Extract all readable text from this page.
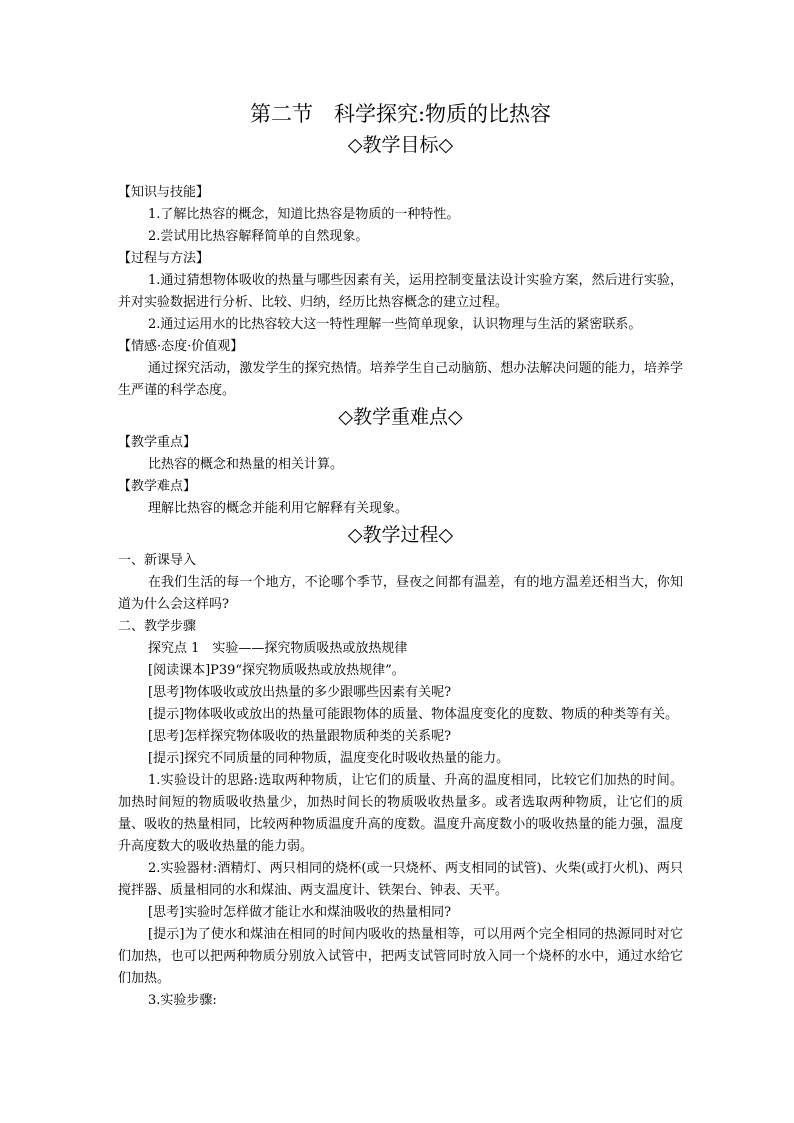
第二节　科学探究:物质的比热容
◇教学目标◇
【知识与技能】
1.了解比热容的概念，知道比热容是物质的一种特性。
2.尝试用比热容解释简单的自然现象。
【过程与方法】
1.通过猜想物体吸收的热量与哪些因素有关，运用控制变量法设计实验方案，然后进行实验，并对实验数据进行分析、比较、归纳，经历比热容概念的建立过程。
2.通过运用水的比热容较大这一特性理解一些简单现象，认识物理与生活的紧密联系。
【情感·态度·价值观】
通过探究活动，激发学生的探究热情。培养学生自己动脑筋、想办法解决问题的能力，培养学生严谨的科学态度。
◇教学重难点◇
【教学重点】
比热容的概念和热量的相关计算。
【教学难点】
理解比热容的概念并能利用它解释有关现象。
◇教学过程◇
一、新课导入
在我们生活的每一个地方，不论哪个季节，昼夜之间都有温差，有的地方温差还相当大，你知道为什么会这样吗?
二、教学步骤
探究点 1　实验——探究物质吸热或放热规律
[阅读课本]P39“探究物质吸热或放热规律”。
[思考]物体吸收或放出热量的多少跟哪些因素有关呢?
[提示]物体吸收或放出的热量可能跟物体的质量、物体温度变化的度数、物质的种类等有关。
[思考]怎样探究物体吸收的热量跟物质种类的关系呢?
[提示]探究不同质量的同种物质，温度变化时吸收热量的能力。
1.实验设计的思路:选取两种物质，让它们的质量、升高的温度相同，比较它们加热的时间。加热时间短的物质吸收热量少，加热时间长的物质吸收热量多。或者选取两种物质，让它们的质量、吸收的热量相同，比较两种物质温度升高的度数。温度升高度数小的吸收热量的能力强，温度升高度数大的吸收热量的能力弱。
2.实验器材:酒精灯、两只相同的烧杯(或一只烧杯、两支相同的试管)、火柴(或打火机)、两只搅拌器、质量相同的水和煤油、两支温度计、铁架台、钟表、天平。
[思考]实验时怎样做才能让水和煤油吸收的热量相同?
[提示]为了使水和煤油在相同的时间内吸收的热量相等，可以用两个完全相同的热源同时对它们加热，也可以把两种物质分别放入试管中，把两支试管同时放入同一个烧杯的水中，通过水给它们加热。
3.实验步骤:
